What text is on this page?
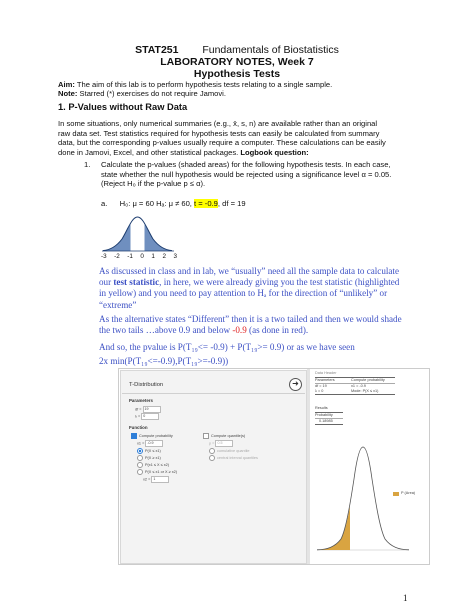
STAT251 Fundamentals of Biostatistics
LABORATORY NOTES, Week 7
Hypothesis Tests
Aim: The aim of this lab is to perform hypothesis tests relating to a single sample.
Note: Starred (*) exercises do not require Jamovi.
1. P-Values without Raw Data
In some situations, only numerical summaries (e.g., x̄, s, n) are available rather than an original
raw data set. Test statistics required for hypothesis tests can easily be calculated from summary
data, but the corresponding p-values usually require a computer. These calculations can be easily
done in Jamovi, Excel, and other statistical packages. Logbook question:
1. Calculate the p-values (shaded areas) for the following hypothesis tests. In each case,
state whether the null hypothesis would be rejected using a significance level α = 0.05.
(Reject H₀ if the p-value p ≤ α).
a. H₀: μ = 60 Hₐ: μ ≠ 60, t = -0.9, df = 19
-3 -2 -1 0 1 2 3
As discussed in class and in lab, we “usually” need all the sample data to calculate
our test statistic, in here, we were already giving you the test statistic (highlighted
in yellow) and you need to pay attention to Hₐ for the direction of “unlikely” or
“extreme”
As the alternative states “Different” then it is a two tailed and then we would shade
the two tails …above 0.9 and below -0.9 (as done in red).
And so, the pvalue is P(T₁₉<= -0.9) + P(T₁₉>= 0.9) or as we have seen
2x min(P(T₁₉<=-0.9),P(T₁₉>=-0.9))
T-Distribution	➜
Parameters
df = 19
λ = 0
Function
Compute probability	Compute quantile(s)
x1 = -0.9	p = 0.5
P(X ≤ x1)	cumulative quantile
P(X ≥ x1)	central interval quantiles
P(x1 ≤ X ≤ x2)
P(X ≤ x1 or X ≥ x2)
x2 = 1
Data Header
Parameters	Compute probability
df = 19	x1 = -0.9
λ = 0	Mode: P(X ≤ x1)
Results
Probability
0.18985
P (Area)
1
